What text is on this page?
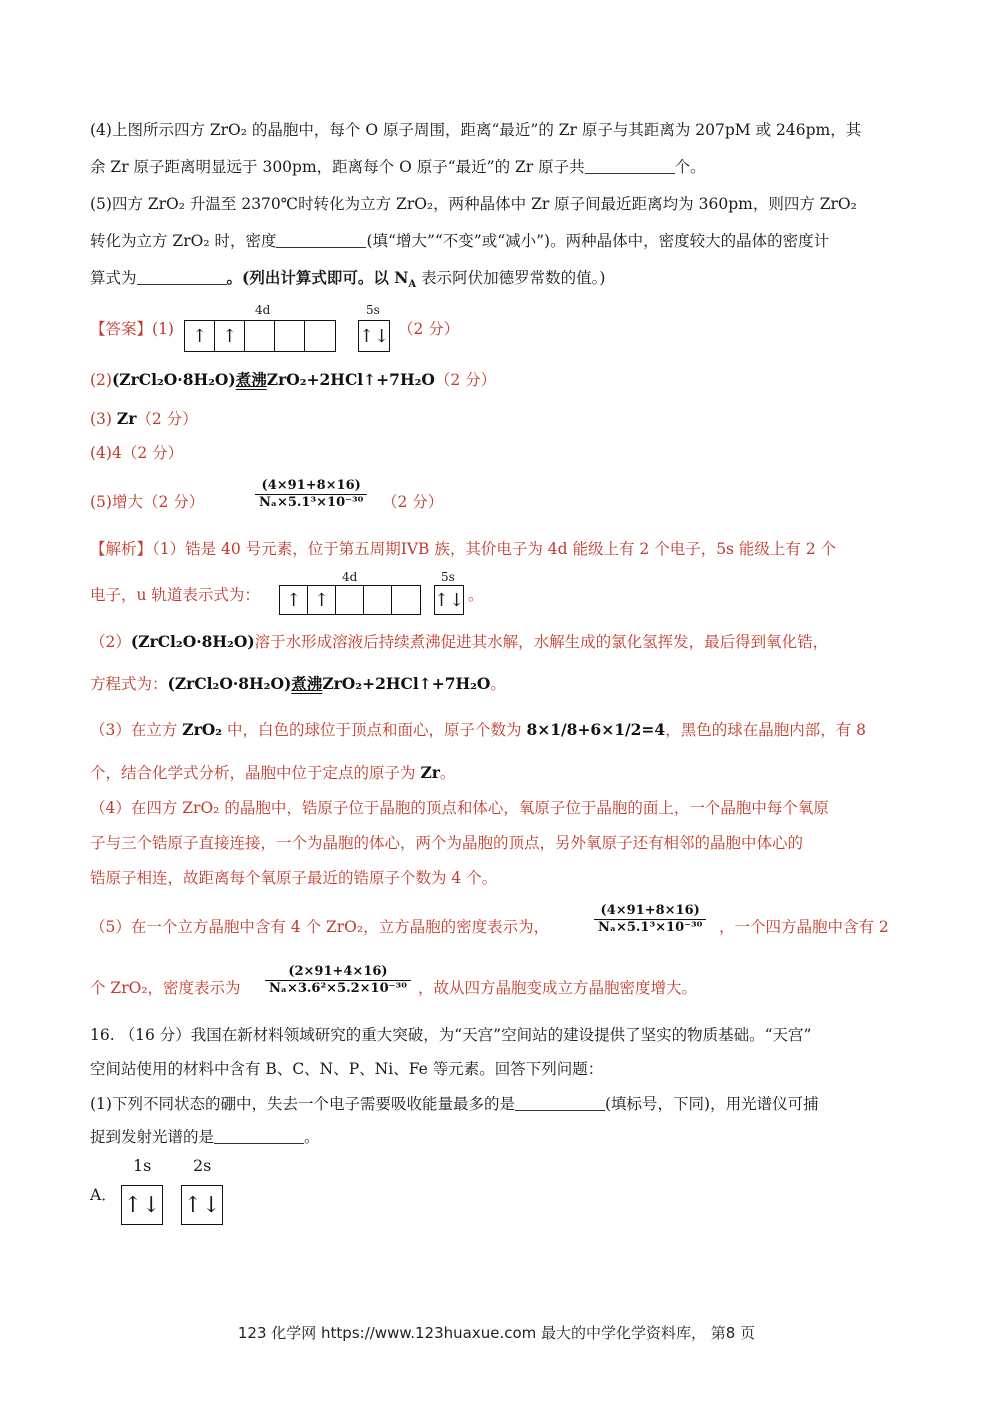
(4)上图所示四方 ZrO₂ 的晶胞中，每个 O 原子周围，距离“最近”的 Zr 原子与其距离为 207pM 或 246pm，其
余 Zr 原子距离明显远于 300pm，距离每个 O 原子“最近”的 Zr 原子共	个。
(5)四方 ZrO₂ 升温至 2370℃时转化为立方 ZrO₂，两种晶体中 Zr 原子间最近距离均为 360pm，则四方 ZrO₂
转化为立方 ZrO₂ 时，密度	(填“增大”“不变”或“减小”)。两种晶体中，密度较大的晶体的密度计
算式为	。(列出计算式即可。以 $N_A$ 表示阿伏加德罗常数的值。)
【答案】(1)
4d
↑ ↑
5s
↑↓ （2 分）
(2)(ZrCl₂O·8H₂O)煮沸ZrO₂+2HCl↑+7H₂O（2 分）
(3) Zr（2 分）
(4)4（2 分）
(5)增大（2 分）	$\frac{(4\times 91+8\times 16)}{\text{Nₐ×5.1³×10⁻³⁰}} (2$ 分）
【解析】（1）锆是 40 号元素，位于第五周期IVB 族，其价电子为 4d 能级上有 2 个电子，5s 能级上有 2 个
电子，u 轨道表示式为：
4d
↑ ↑
5s
↑↓ 。
（2）(ZrCl₂O·8H₂O)溶于水形成溶液后持续煮沸促进其水解，水解生成的氯化氢挥发，最后得到氧化锆，
方程式为：(ZrCl₂O·8H₂O)煮沸ZrO₂+2HCl↑+7H₂O。
（3）在立方 ZrO₂ 中，白色的球位于顶点和面心，原子个数为 8×1/8+6×1/2=4，黑色的球在晶胞内部，有 8
个，结合化学式分析，晶胞中位于定点的原子为 Zr。
（4）在四方 ZrO₂ 的晶胞中，锆原子位于晶胞的顶点和体心，氧原子位于晶胞的面上，一个晶胞中每个氧原
子与三个锆原子直接连接，一个为晶胞的体心，两个为晶胞的顶点，另外氧原子还有相邻的晶胞中体心的
锆原子相连，故距离每个氧原子最近的锆原子个数为 4 个。
（5）在一个立方晶胞中含有 4 个 ZrO₂，立方晶胞的密度表示为，	$\frac{(4\times 91+8\times 16)}{\text{Nₐ×5.1³×10⁻³⁰}}$ ，一个四方晶胞中含有 2
个 ZrO₂，密度表示为 $\frac{(2\times 91+4\times 16)}{\text{Nₐ×3.6²×5.2×10⁻³⁰}}$ ，故从四方晶胞变成立方晶胞密度增大。
16. （16 分）我国在新材料领域研究的重大突破，为“天宫”空间站的建设提供了坚实的物质基础。“天宫”
空间站使用的材料中含有 B、C、N、P、Ni、Fe 等元素。回答下列问题：
(1)下列不同状态的硼中，失去一个电子需要吸收能量最多的是	(填标号，下同)，用光谱仪可捕
捉到发射光谱的是	。
1s	2s
A． ↑↓ ↑↓
123 化学网 https://www.123huaxue.com 最大的中学化学资料库， 第8 页
